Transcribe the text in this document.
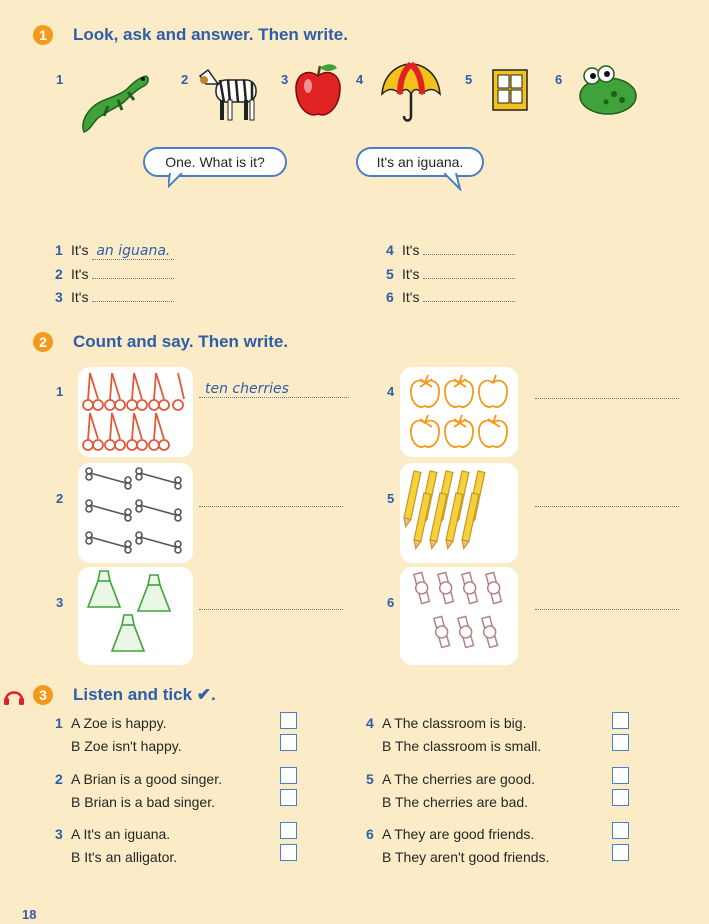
1	Look, ask and answer. Then write.
1	2	3	4	5	6
One. What is it?	It's an iguana.
1 It's an iguana.
2 It's
3 It's
4 It's
5 It's
6 It's
2	Count and say. Then write.
1	ten cherries	4
2	5
3	6
3	Listen and tick ✔.
1 A Zoe is happy.
B Zoe isn't happy.
2 A Brian is a good singer.
B Brian is a bad singer.
3 A It's an iguana.
B It's an alligator.
4 A The classroom is big.
B The classroom is small.
5 A The cherries are good.
B The cherries are bad.
6 A They are good friends.
B They aren't good friends.
18
